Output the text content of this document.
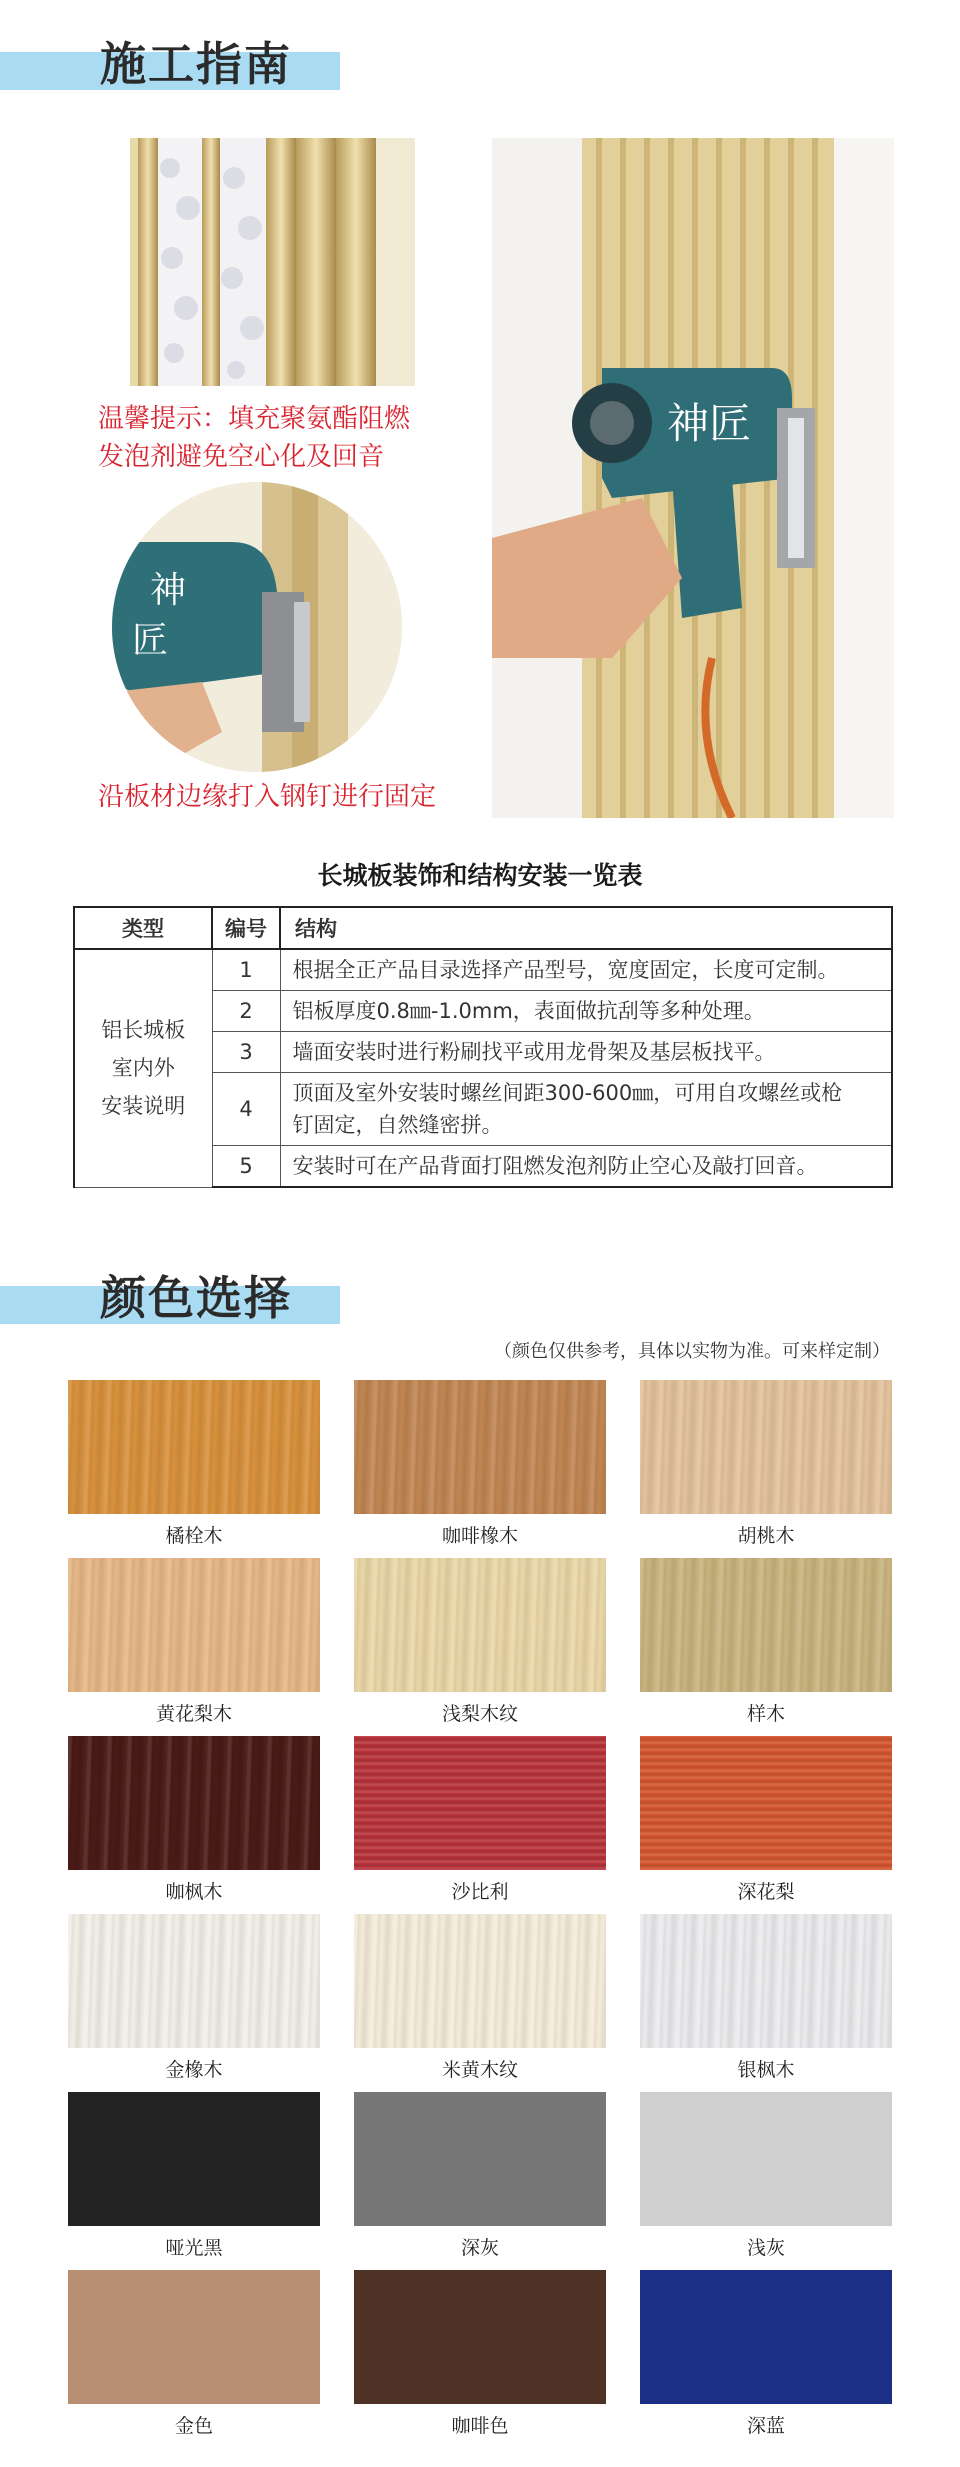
施工指南
温馨提示：填充聚氨酯阻燃
发泡剂避免空心化及回音
神
匠
沿板材边缘打入钢钉进行固定
神匠
长城板装饰和结构安装一览表
类型	编号	结构

铝长城板
室内外
安装说明	1	根据全正产品目录选择产品型号，宽度固定，长度可定制。
	2	铝板厚度0.8㎜-1.0mm，表面做抗刮等多种处理。
	3	墙面安装时进行粉刷找平或用龙骨架及基层板找平。
	4	顶面及室外安装时螺丝间距300-600㎜，可用自攻螺丝或枪钉固定，自然缝密拼。
	5	安装时可在产品背面打阻燃发泡剂防止空心及敲打回音。
颜色选择
（颜色仅供参考，具体以实物为准。可来样定制）
橘栓木	咖啡橡木	胡桃木
黄花梨木	浅梨木纹	样木
咖枫木	沙比利	深花梨
金橡木	米黄木纹	银枫木
哑光黑	深灰	浅灰
金色	咖啡色	深蓝
